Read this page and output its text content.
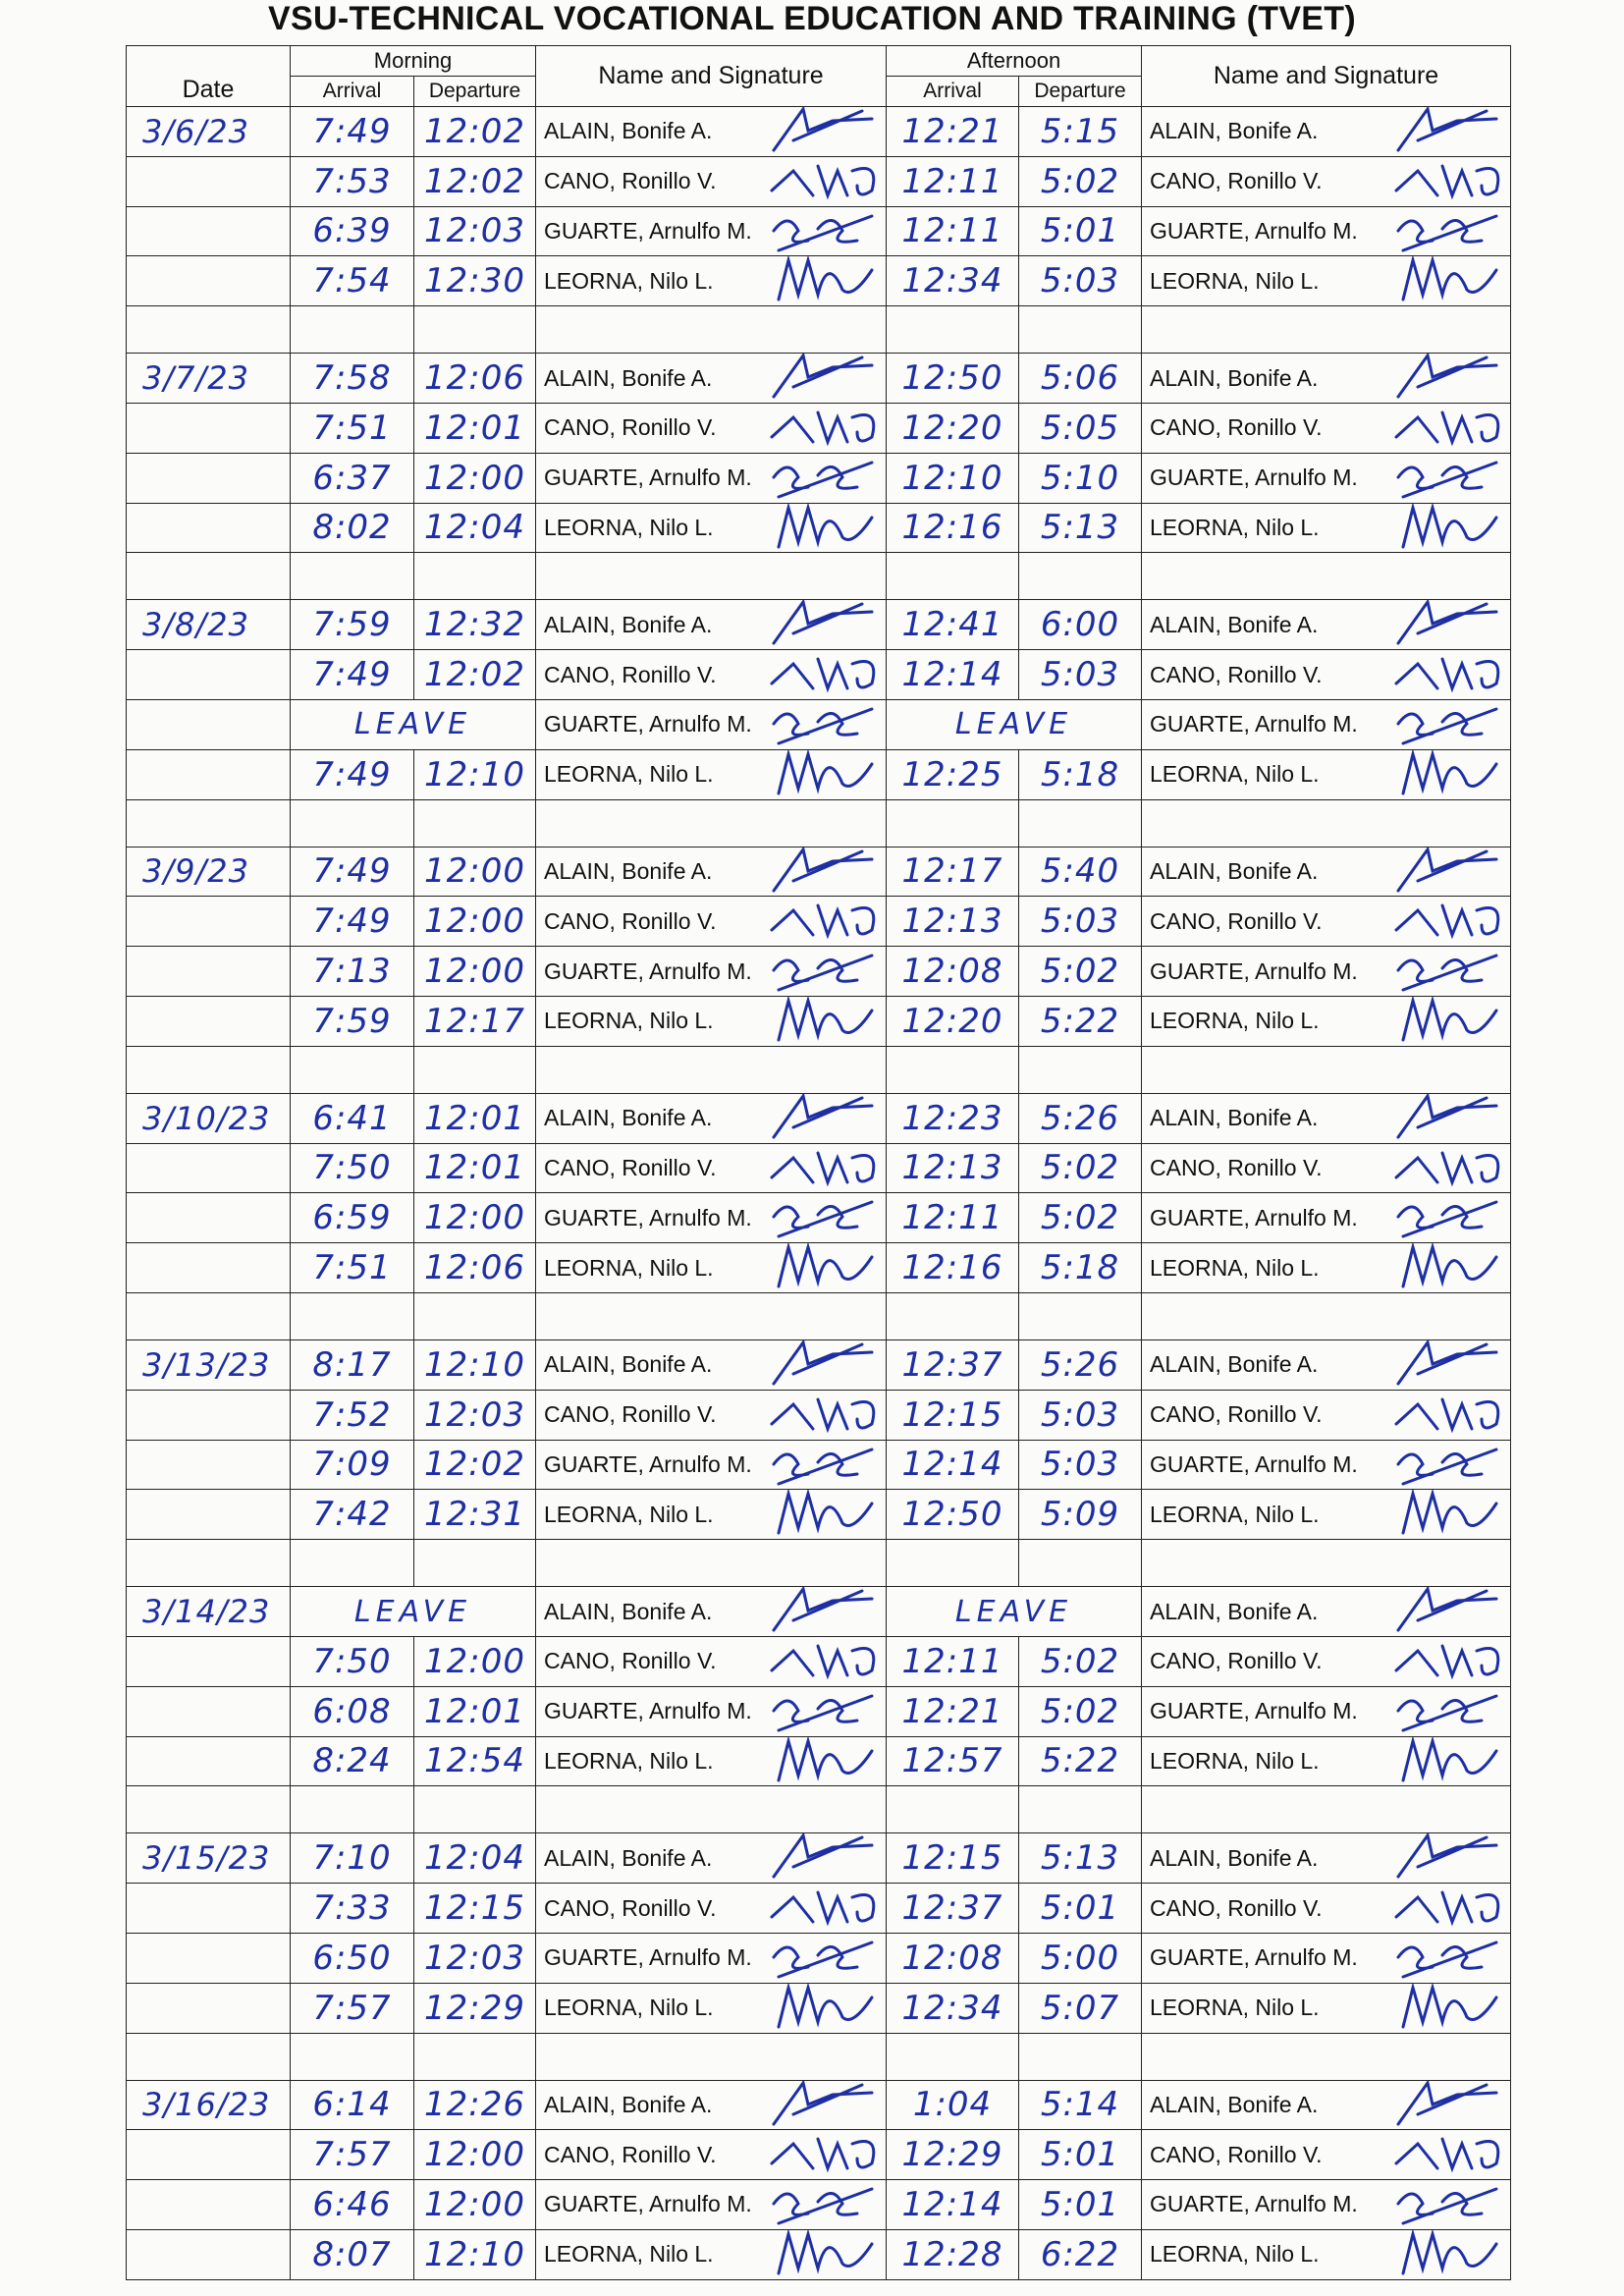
VSU-TECHNICAL VOCATIONAL EDUCATION AND TRAINING (TVET)
Date	Morning		Name and Signature	Afternoon		Name and Signature
	Arrival	Departure		Arrival	Departure	
3/6/23	7:49	12:02	ALAIN, Bonife A.	12:21	5:15	ALAIN, Bonife A.

	7:53	12:02	CANO, Ronillo V.	12:11	5:02	CANO, Ronillo V.

	6:39	12:03	GUARTE, Arnulfo M.	12:11	5:01	GUARTE, Arnulfo M.

	7:54	12:30	LEORNA, Nilo L.	12:34	5:03	LEORNA, Nilo L.

3/7/23	7:58	12:06	ALAIN, Bonife A.	12:50	5:06	ALAIN, Bonife A.

	7:51	12:01	CANO, Ronillo V.	12:20	5:05	CANO, Ronillo V.

	6:37	12:00	GUARTE, Arnulfo M.	12:10	5:10	GUARTE, Arnulfo M.

	8:02	12:04	LEORNA, Nilo L.	12:16	5:13	LEORNA, Nilo L.

3/8/23	7:59	12:32	ALAIN, Bonife A.	12:41	6:00	ALAIN, Bonife A.

	7:49	12:02	CANO, Ronillo V.	12:14	5:03	CANO, Ronillo V.

	LEAVE		GUARTE, Arnulfo M.	LEAVE		GUARTE, Arnulfo M.

	7:49	12:10	LEORNA, Nilo L.	12:25	5:18	LEORNA, Nilo L.

3/9/23	7:49	12:00	ALAIN, Bonife A.	12:17	5:40	ALAIN, Bonife A.

	7:49	12:00	CANO, Ronillo V.	12:13	5:03	CANO, Ronillo V.

	7:13	12:00	GUARTE, Arnulfo M.	12:08	5:02	GUARTE, Arnulfo M.

	7:59	12:17	LEORNA, Nilo L.	12:20	5:22	LEORNA, Nilo L.

3/10/23	6:41	12:01	ALAIN, Bonife A.	12:23	5:26	ALAIN, Bonife A.

	7:50	12:01	CANO, Ronillo V.	12:13	5:02	CANO, Ronillo V.

	6:59	12:00	GUARTE, Arnulfo M.	12:11	5:02	GUARTE, Arnulfo M.

	7:51	12:06	LEORNA, Nilo L.	12:16	5:18	LEORNA, Nilo L.

3/13/23	8:17	12:10	ALAIN, Bonife A.	12:37	5:26	ALAIN, Bonife A.

	7:52	12:03	CANO, Ronillo V.	12:15	5:03	CANO, Ronillo V.

	7:09	12:02	GUARTE, Arnulfo M.	12:14	5:03	GUARTE, Arnulfo M.

	7:42	12:31	LEORNA, Nilo L.	12:50	5:09	LEORNA, Nilo L.

3/14/23	LEAVE		ALAIN, Bonife A.	LEAVE		ALAIN, Bonife A.

	7:50	12:00	CANO, Ronillo V.	12:11	5:02	CANO, Ronillo V.

	6:08	12:01	GUARTE, Arnulfo M.	12:21	5:02	GUARTE, Arnulfo M.

	8:24	12:54	LEORNA, Nilo L.	12:57	5:22	LEORNA, Nilo L.

3/15/23	7:10	12:04	ALAIN, Bonife A.	12:15	5:13	ALAIN, Bonife A.

	7:33	12:15	CANO, Ronillo V.	12:37	5:01	CANO, Ronillo V.

	6:50	12:03	GUARTE, Arnulfo M.	12:08	5:00	GUARTE, Arnulfo M.

	7:57	12:29	LEORNA, Nilo L.	12:34	5:07	LEORNA, Nilo L.

3/16/23	6:14	12:26	ALAIN, Bonife A.	1:04	5:14	ALAIN, Bonife A.

	7:57	12:00	CANO, Ronillo V.	12:29	5:01	CANO, Ronillo V.

	6:46	12:00	GUARTE, Arnulfo M.	12:14	5:01	GUARTE, Arnulfo M.

	8:07	12:10	LEORNA, Nilo L.	12:28	6:22	LEORNA, Nilo L.
